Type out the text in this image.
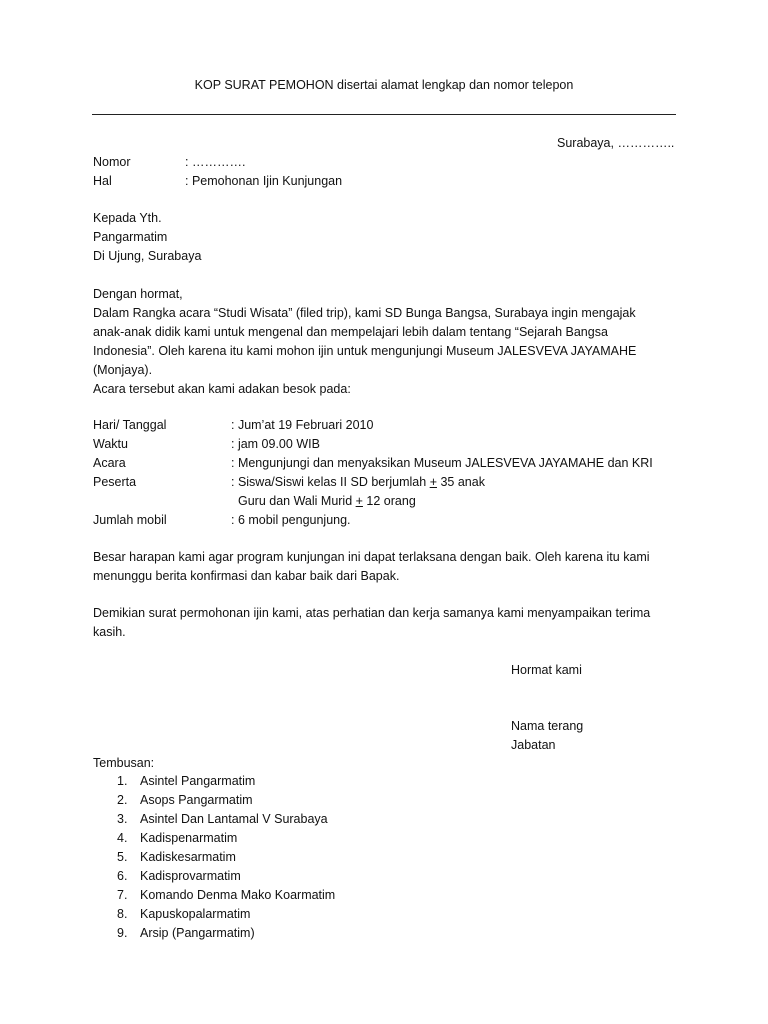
KOP SURAT PEMOHON disertai alamat lengkap dan nomor telepon
Surabaya, …………..
Nomor	: ………….
Hal	: Pemohonan Ijin Kunjungan
Kepada Yth.
Pangarmatim
Di Ujung, Surabaya
Dengan hormat,
Dalam Rangka acara “Studi Wisata” (filed trip), kami SD Bunga Bangsa, Surabaya ingin mengajak
anak-anak didik kami untuk mengenal dan mempelajari lebih dalam tentang “Sejarah Bangsa
Indonesia”. Oleh karena itu kami mohon ijin untuk mengunjungi Museum JALESVEVA JAYAMAHE
(Monjaya).
Acara tersebut akan kami adakan besok pada:
Hari/ Tanggal	: Jum’at 19 Februari 2010
Waktu	: jam 09.00 WIB
Acara	: Mengunjungi dan menyaksikan Museum JALESVEVA JAYAMAHE dan KRI
Peserta	: Siswa/Siswi kelas II SD berjumlah + 35 anak
Guru dan Wali Murid + 12 orang
Jumlah mobil	: 6 mobil pengunjung.
Besar harapan kami agar program kunjungan ini dapat terlaksana dengan baik. Oleh karena itu kami
menunggu berita konfirmasi dan kabar baik dari Bapak.
Demikian surat permohonan ijin kami, atas perhatian dan kerja samanya kami menyampaikan terima
kasih.
Hormat kami
Nama terang
Jabatan
Tembusan:
1.	Asintel Pangarmatim
2.	Asops Pangarmatim
3.	Asintel Dan Lantamal V Surabaya
4.	Kadispenarmatim
5.	Kadiskesarmatim
6.	Kadisprovarmatim
7.	Komando Denma Mako Koarmatim
8.	Kapuskopalarmatim
9.	Arsip (Pangarmatim)
